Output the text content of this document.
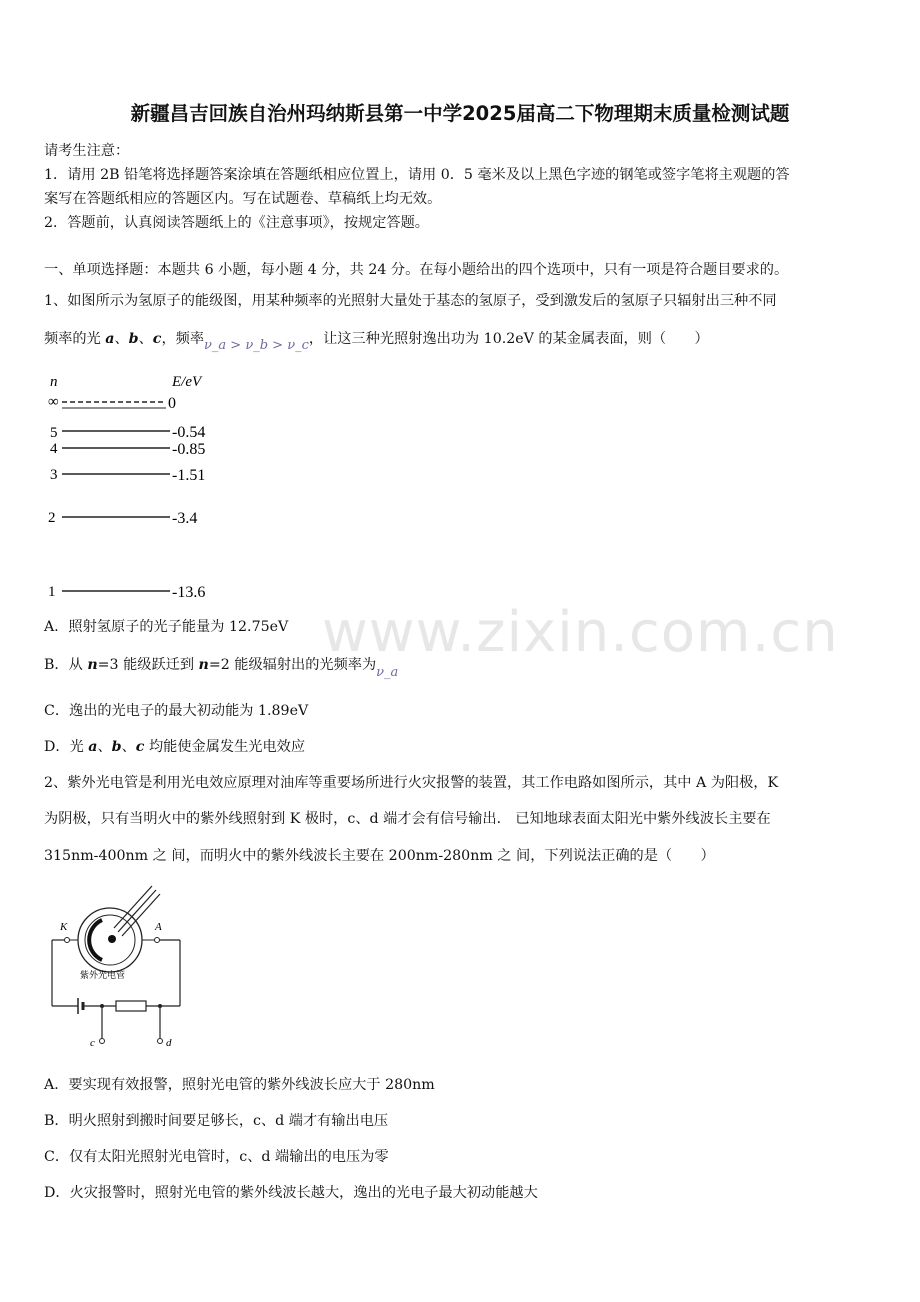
新疆昌吉回族自治州玛纳斯县第一中学2025届高二下物理期末质量检测试题
请考生注意：
1．请用 2B 铅笔将选择题答案涂填在答题纸相应位置上，请用 0．5 毫米及以上黑色字迹的钢笔或签字笔将主观题的答
案写在答题纸相应的答题区内。写在试题卷、草稿纸上均无效。
2．答题前，认真阅读答题纸上的《注意事项》，按规定答题。
一、单项选择题：本题共 6 小题，每小题 4 分，共 24 分。在每小题给出的四个选项中，只有一项是符合题目要求的。
1、如图所示为氢原子的能级图，用某种频率的光照射大量处于基态的氢原子，受到激发后的氢原子只辐射出三种不同
频率的光 a、b、c，频率ν_a > ν_b > ν_c，让这三种光照射逸出功为 10.2eV 的某金属表面，则（　　）
n	E/eV
∞	0
5	-0.54
4	-0.85
3	-1.51
2	-3.4
1	-13.6
www.zixin.com.cn
A．照射氢原子的光子能量为 12.75eV
B．从 n=3 能级跃迁到 n=2 能级辐射出的光频率为ν_a
C．逸出的光电子的最大初动能为 1.89eV
D．光 a、b、c 均能使金属发生光电效应
2、紫外光电管是利用光电效应原理对油库等重要场所进行火灾报警的装置，其工作电路如图所示，其中 A 为阳极，K
为阴极，只有当明火中的紫外线照射到 K 极时，c、d 端才会有信号输出． 已知地球表面太阳光中紫外线波长主要在
315nm-400nm 之 间，而明火中的紫外线波长主要在 200nm-280nm 之 间，下列说法正确的是（　　）
紫外光电管
K	A
c	d
A．要实现有效报警，照射光电管的紫外线波长应大于 280nm
B．明火照射到搬时间要足够长，c、d 端才有输出电压
C．仅有太阳光照射光电管时，c、d 端输出的电压为零
D．火灾报警时，照射光电管的紫外线波长越大，逸出的光电子最大初动能越大
